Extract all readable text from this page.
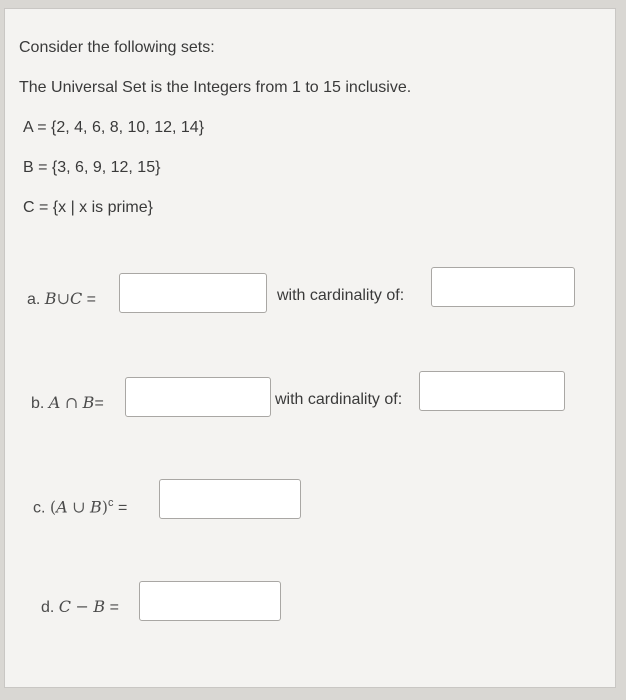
Consider the following sets:
The Universal Set is the Integers from 1 to 15 inclusive.
A = {2, 4, 6, 8, 10, 12, 14}
B = {3, 6, 9, 12, 15}
C = {x | x is prime}
a. B∪C =	with cardinality of:
b. A ∩ B=	with cardinality of:
c. (A ∪ B)$^c$ =
d. C − B =
